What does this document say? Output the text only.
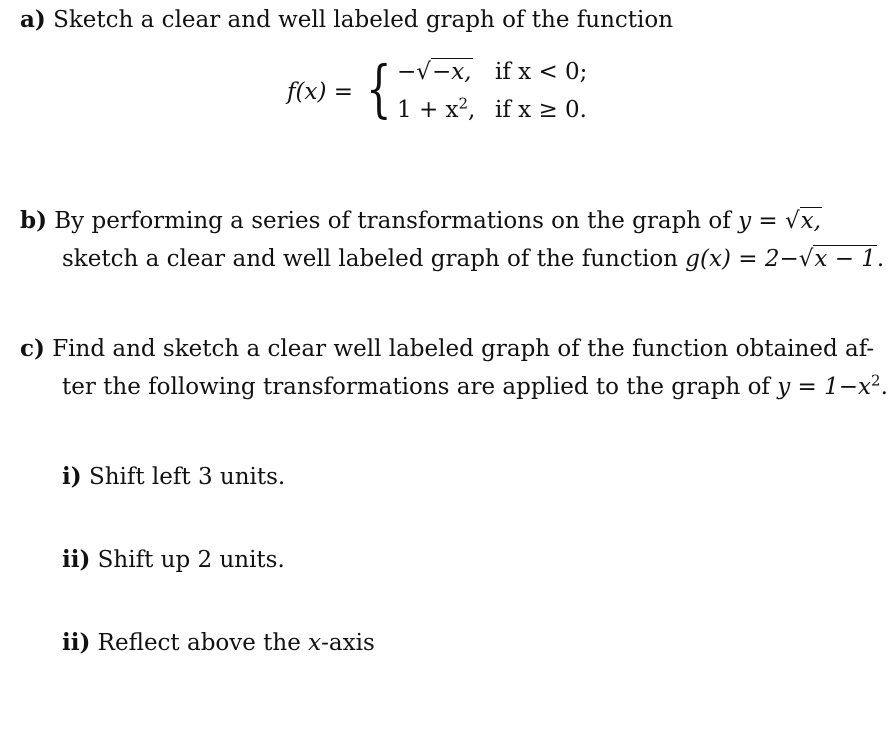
a) Sketch a clear and well labeled graph of the function
f(x) = { −√−x, if x < 0;
$1 + x^2$, if x ≥ 0.
b) By performing a series of transformations on the graph of y = √x,
sketch a clear and well labeled graph of the function g(x) = 2−√x − 1.
c) Find and sketch a clear well labeled graph of the function obtained af-
ter the following transformations are applied to the graph of $y = 1-x^2$.
i) Shift left 3 units.
ii) Shift up 2 units.
ii) Reflect above the x-axis
